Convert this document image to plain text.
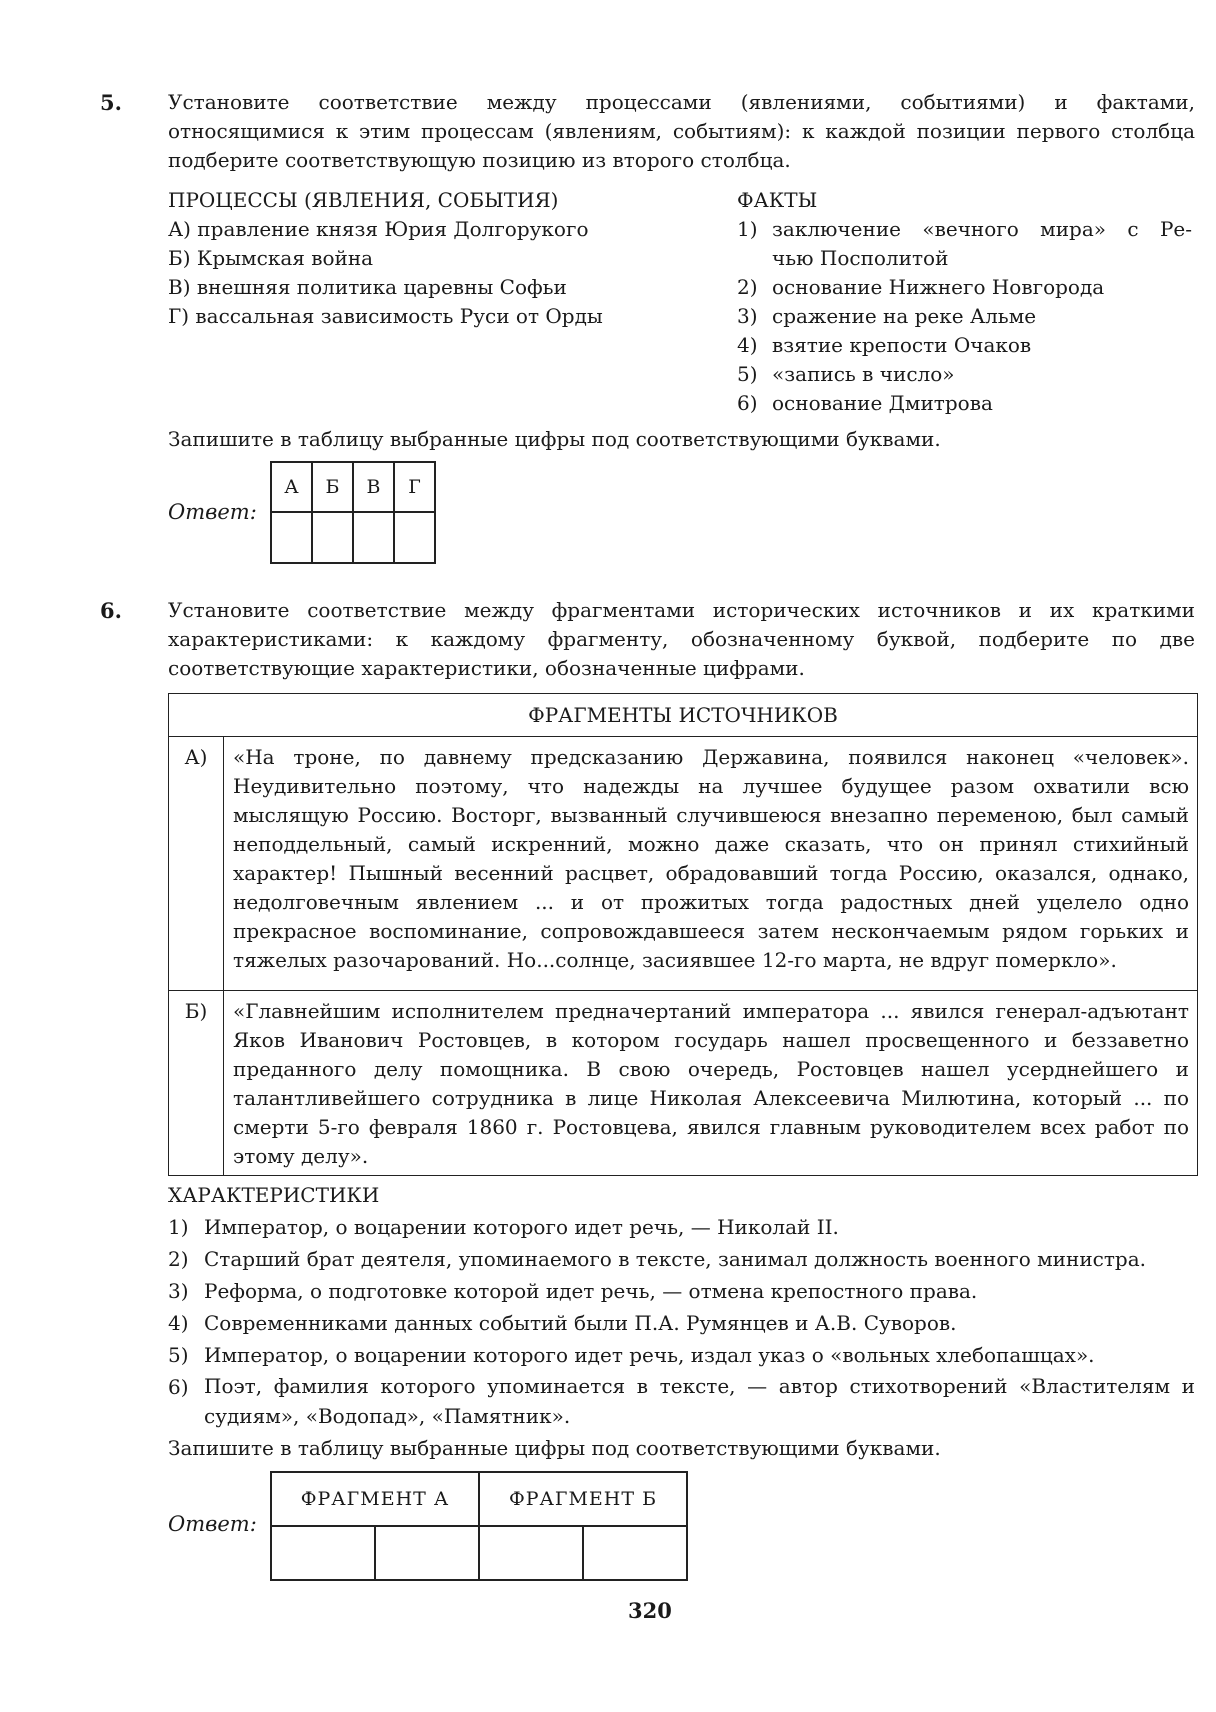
5. Установите соответствие между процессами (явлениями, событиями) и фактами, относящимися к этим процессам (явлениям, событиям): к каждой позиции первого столбца подберите соответствующую позицию из второго столбца.
ПРОЦЕССЫ (ЯВЛЕНИЯ, СОБЫТИЯ)	ФАКТЫ
А) правление князя Юрия Долгорукого
Б) Крымская война
В) внешняя политика царевны Софьи
Г) вассальная зависимость Руси от Орды
1) заключение «вечного мира» с Ре-
чью Посполитой
2) основание Нижнего Новгорода
3) сражение на реке Альме
4) взятие крепости Очаков
5) «запись в число»
6) основание Дмитрова
Запишите в таблицу выбранные цифры под соответствующими буквами.
Ответ:
А	Б	В	Г

6. Установите соответствие между фрагментами исторических источников и их краткими характеристиками: к каждому фрагменту, обозначенному буквой, подберите по две соответствующие характеристики, обозначенные цифрами.
ФРАГМЕНТЫ ИСТОЧНИКОВ
А)	«На троне, по давнему предсказанию Державина, появился наконец «человек». Неудивительно поэтому, что надежды на лучшее будущее разом охватили всю мыслящую Россию. Восторг, вызванный случившеюся внезапно переменою, был самый неподдельный, самый искренний, можно даже сказать, что он принял стихийный характер! Пышный весенний расцвет, обрадовавший тогда Россию, оказался, однако, недолговечным явлением ... и от прожитых тогда радостных дней уцелело одно прекрасное воспоминание, сопровождавшееся затем нескончаемым рядом горьких и тяжелых разочарований. Но...солнце, засиявшее 12-го марта, не вдруг померкло».
Б)	«Главнейшим исполнителем предначертаний императора ... явился генерал-адъютант Яков Иванович Ростовцев, в котором государь нашел просвещенного и беззаветно преданного делу помощника. В свою очередь, Ростовцев нашел усерднейшего и талантливейшего сотрудника в лице Николая Алексеевича Милютина, который ... по смерти 5-го февраля 1860 г. Ростовцева, явился главным руководителем всех работ по этому делу».
ХАРАКТЕРИСТИКИ
1) Император, о воцарении которого идет речь, — Николай II.
2) Старший брат деятеля, упоминаемого в тексте, занимал должность военного министра.
3) Реформа, о подготовке которой идет речь, — отмена крепостного права.
4) Современниками данных событий были П.А. Румянцев и А.В. Суворов.
5) Император, о воцарении которого идет речь, издал указ о «вольных хлебопашцах».
6) Поэт, фамилия которого упоминается в тексте, — автор стихотворений «Властителям и судиям», «Водопад», «Памятник».
Запишите в таблицу выбранные цифры под соответствующими буквами.
Ответ:
ФРАГМЕНТ А		ФРАГМЕНТ Б	

320
